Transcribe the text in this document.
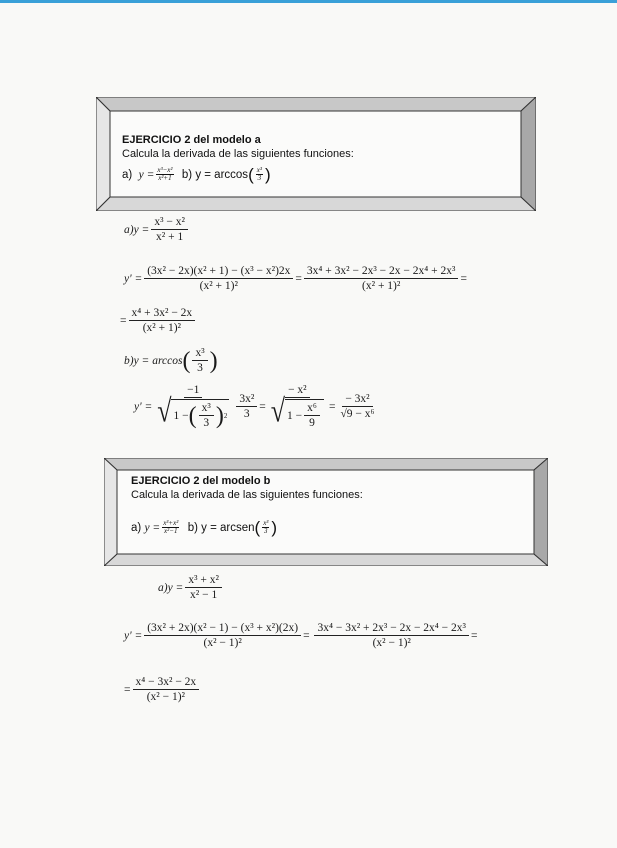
EJERCICIO 2 del modelo a
Calcula la derivada de las siguientes funciones:
a)
$y = \frac{\text{x³−x²}}{\text{x²+1}}$
b) y = arccos ( $\frac{\text{x³}}{3}$ )
$a)y = \frac{\text{x³ − x²}}{\text{x² + 1}}$
$y' = \frac{\text{(3x² − 2x)(x² + 1) − (x³ − x²)2x}}{\text{(x² + 1)²}} = \frac{\text{3x⁴ + 3x² − 2x³ − 2x − 2x⁴ + 2x³}}{\text{(x² + 1)²}}$ =
= $\frac{\text{x⁴ + 3x² − 2x}}{\text{(x² + 1)²}}$
b)y = arccos ( $\frac{\text{x³}}{3}$ )
$y' = \frac{-1}{√ 1 - ( \frac{\text{x³}}{3} ) 2} \frac{\text{3x²}}{3} = \frac{\text{− x²}}{√ 1 - \frac{\text{x⁶}}{9}} = \frac{\text{− 3x²}}{\text{√9 − x⁶}}$
EJERCICIO 2 del modelo b
Calcula la derivada de las siguientes funciones:
a)
$y = \frac{\text{x³+x²}}{\text{x²−1}}$
b) y = arcsen ( $\frac{\text{x³}}{3}$ )
$a)y = \frac{\text{x³ + x²}}{\text{x² − 1}}$
$y' = \frac{\text{(3x² + 2x)(x² − 1) − (x³ + x²)(2x)}}{\text{(x² − 1)²}}$ =
$\frac{\text{3x⁴ − 3x² + 2x³ − 2x − 2x⁴ − 2x³}}{\text{(x² − 1)²}}$ =
= $\frac{\text{x⁴ − 3x² − 2x}}{\text{(x² − 1)²}}$
